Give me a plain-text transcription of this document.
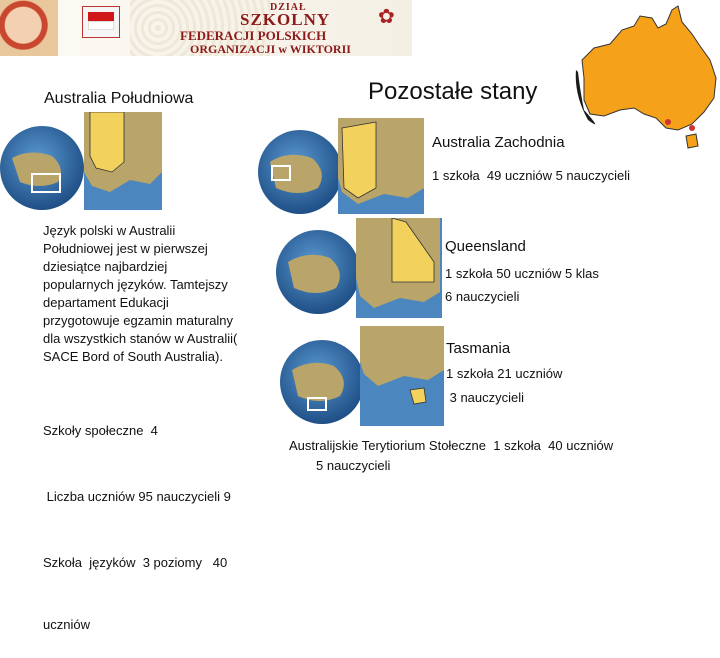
DZIAŁ
SZKOLNY
FEDERACJI POLSKICH
ORGANIZACJI w WIKTORII
✿
Australia Południowa
Język polski w Australii
Południowej jest w pierwszej
dziesiątce najbardziej
popularnych języków. Tamtejszy
departament Edukacji
przygotowuje egzamin maturalny
dla wszystkich stanów w Australii(
SACE Bord of South Australia).

Szkoły społeczne  4

Liczba uczniów 95 nauczycieli 9

Szkoła  języków  3 poziomy   40

uczniów

Pozostałe stany
Australia Zachodnia
1 szkoła  49 uczniów 5 nauczycieli
Queensland
1 szkoła 50 uczniów 5 klas
6 nauczycieli
Tasmania
1 szkoła 21 uczniów
3 nauczycieli
Australijskie Terytiorium Stołeczne  1 szkoła  40 uczniów
5 nauczycieli
